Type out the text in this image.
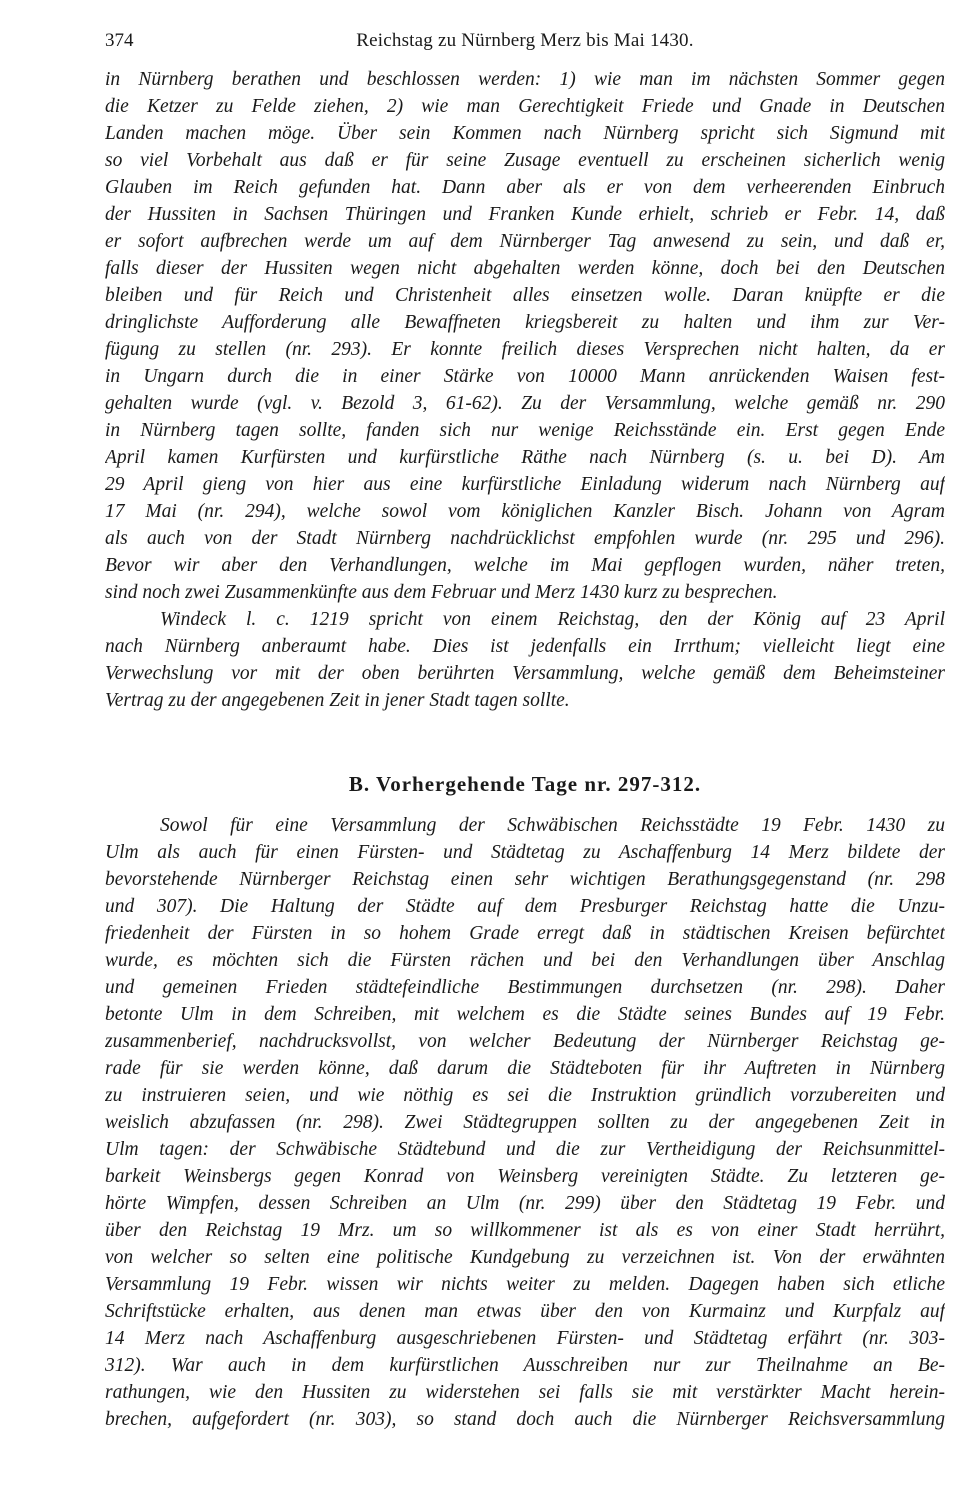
374	Reichstag zu Nürnberg Merz bis Mai 1430.
in Nürnberg berathen und beschlossen werden: 1) wie man im nächsten Sommer gegen
die Ketzer zu Felde ziehen, 2) wie man Gerechtigkeit Friede und Gnade in Deutschen
Landen machen möge. Über sein Kommen nach Nürnberg spricht sich Sigmund mit
so viel Vorbehalt aus daß er für seine Zusage eventuell zu erscheinen sicherlich wenig
Glauben im Reich gefunden hat. Dann aber als er von dem verheerenden Einbruch
der Hussiten in Sachsen Thüringen und Franken Kunde erhielt, schrieb er Febr. 14, daß
er sofort aufbrechen werde um auf dem Nürnberger Tag anwesend zu sein, und daß er,
falls dieser der Hussiten wegen nicht abgehalten werden könne, doch bei den Deutschen
bleiben und für Reich und Christenheit alles einsetzen wolle. Daran knüpfte er die
dringlichste Aufforderung alle Bewaffneten kriegsbereit zu halten und ihm zur Ver-
fügung zu stellen (nr. 293). Er konnte freilich dieses Versprechen nicht halten, da er
in Ungarn durch die in einer Stärke von 10000 Mann anrückenden Waisen fest-
gehalten wurde (vgl. v. Bezold 3, 61-62). Zu der Versammlung, welche gemäß nr. 290
in Nürnberg tagen sollte, fanden sich nur wenige Reichsstände ein. Erst gegen Ende
April kamen Kurfürsten und kurfürstliche Räthe nach Nürnberg (s. u. bei D). Am
29 April gieng von hier aus eine kurfürstliche Einladung widerum nach Nürnberg auf
17 Mai (nr. 294), welche sowol vom königlichen Kanzler Bisch. Johann von Agram
als auch von der Stadt Nürnberg nachdrücklichst empfohlen wurde (nr. 295 und 296).
Bevor wir aber den Verhandlungen, welche im Mai gepflogen wurden, näher treten,
sind noch zwei Zusammenkünfte aus dem Februar und Merz 1430 kurz zu besprechen.
Windeck l. c. 1219 spricht von einem Reichstag, den der König auf 23 April
nach Nürnberg anberaumt habe. Dies ist jedenfalls ein Irrthum; vielleicht liegt eine
Verwechslung vor mit der oben berührten Versammlung, welche gemäß dem Beheimsteiner
Vertrag zu der angegebenen Zeit in jener Stadt tagen sollte.
B. Vorhergehende Tage nr. 297-312.
Sowol für eine Versammlung der Schwäbischen Reichsstädte 19 Febr. 1430 zu
Ulm als auch für einen Fürsten- und Städtetag zu Aschaffenburg 14 Merz bildete der
bevorstehende Nürnberger Reichstag einen sehr wichtigen Berathungsgegenstand (nr. 298
und 307). Die Haltung der Städte auf dem Presburger Reichstag hatte die Unzu-
friedenheit der Fürsten in so hohem Grade erregt daß in städtischen Kreisen befürchtet
wurde, es möchten sich die Fürsten rächen und bei den Verhandlungen über Anschlag
und gemeinen Frieden städtefeindliche Bestimmungen durchsetzen (nr. 298). Daher
betonte Ulm in dem Schreiben, mit welchem es die Städte seines Bundes auf 19 Febr.
zusammenberief, nachdrucksvollst, von welcher Bedeutung der Nürnberger Reichstag ge-
rade für sie werden könne, daß darum die Städteboten für ihr Auftreten in Nürnberg
zu instruieren seien, und wie nöthig es sei die Instruktion gründlich vorzubereiten und
weislich abzufassen (nr. 298). Zwei Städtegruppen sollten zu der angegebenen Zeit in
Ulm tagen: der Schwäbische Städtebund und die zur Vertheidigung der Reichsunmittel-
barkeit Weinsbergs gegen Konrad von Weinsberg vereinigten Städte. Zu letzteren ge-
hörte Wimpfen, dessen Schreiben an Ulm (nr. 299) über den Städtetag 19 Febr. und
über den Reichstag 19 Mrz. um so willkommener ist als es von einer Stadt herrührt,
von welcher so selten eine politische Kundgebung zu verzeichnen ist. Von der erwähnten
Versammlung 19 Febr. wissen wir nichts weiter zu melden. Dagegen haben sich etliche
Schriftstücke erhalten, aus denen man etwas über den von Kurmainz und Kurpfalz auf
14 Merz nach Aschaffenburg ausgeschriebenen Fürsten- und Städtetag erfährt (nr. 303-
312). War auch in dem kurfürstlichen Ausschreiben nur zur Theilnahme an Be-
rathungen, wie den Hussiten zu widerstehen sei falls sie mit verstärkter Macht herein-
brechen, aufgefordert (nr. 303), so stand doch auch die Nürnberger Reichsversammlung
